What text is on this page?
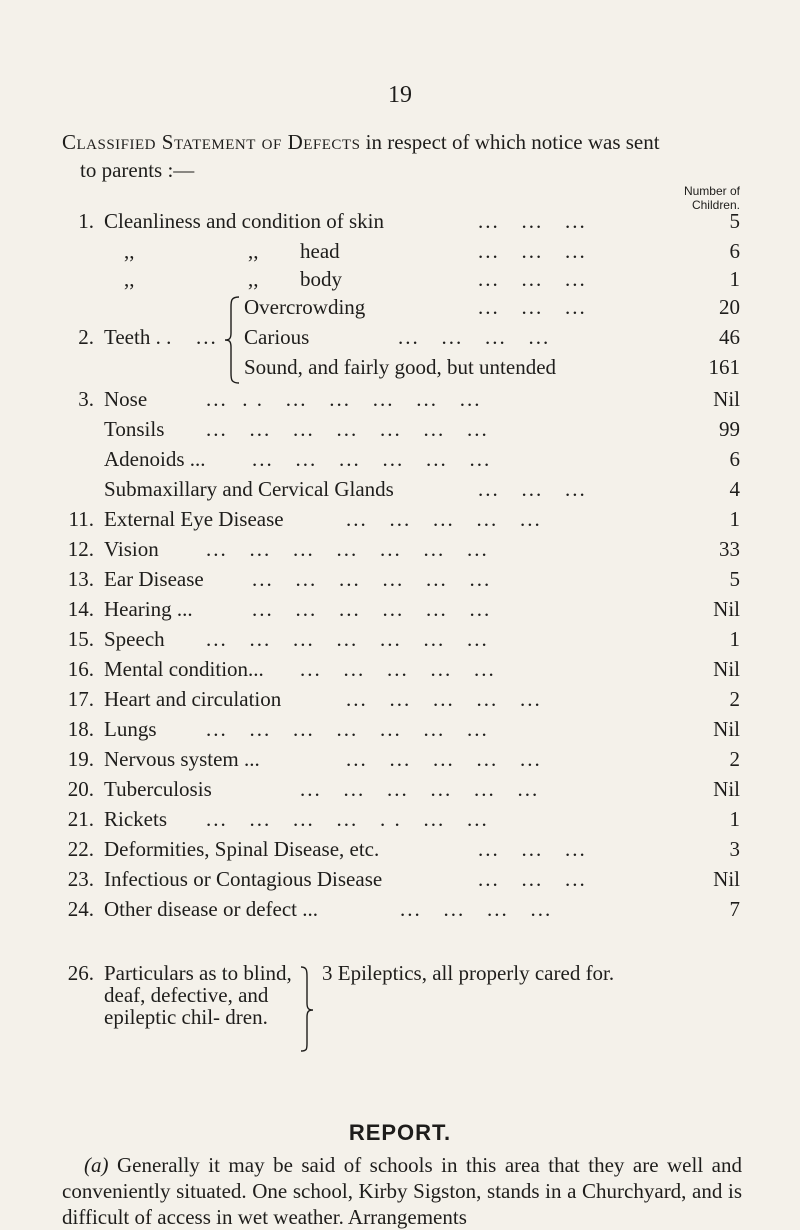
19
Classified Statement of Defects in respect of which notice was sent
to parents :—
Number of
Children.
1. Cleanliness and condition of skin	...   ...   ...	5
,,	,, head	...   ...   ...	6
,,	,, body	...   ...   ...	1
Overcrowding	...   ...   ...	20
2. Teeth . . ... Carious	...   ...   ...   ...	46
Sound, and fairly good, but untended	161
3. Nose	...  . .   ...   ...   ...   ...   ...	Nil
Tonsils ...   ...   ...   ...   ...   ...   ...	99
Adenoids ... ...   ...   ...   ...   ...   ...	6
Submaxillary and Cervical Glands	...   ...   ...	4
11. External Eye Disease	...   ...   ...   ...   ...	1
12. Vision ...   ...   ...   ...   ...   ...   ...	33
13. Ear Disease ...   ...   ...   ...   ...   ...	5
14. Hearing ...	...   ...   ...   ...   ...   ...	Nil
15. Speech ...   ...   ...   ...   ...   ...   ...	1
16. Mental condition... ...   ...   ...   ...   ...	Nil
17. Heart and circulation	...   ...   ...   ...   ...	2
18. Lungs ...   ...   ...   ...   ...   ...   ...	Nil
19. Nervous system ...	...   ...   ...   ...   ...	2
20. Tuberculosis	...   ...   ...   ...   ...   ...	Nil
21. Rickets ...   ...   ...   ...   . .   ...   ...	1
22. Deformities, Spinal Disease, etc.	...   ...   ...	3
23. Infectious or Contagious Disease	...   ...   ...	Nil
24. Other disease or defect ...	...   ...   ...   ...	7
26. Particulars as to blind, deaf, defective, and epileptic chil- dren.
3 Epileptics, all properly cared for.
REPORT.
(a) Generally it may be said of schools in this area that they are well and conveniently situated. One school, Kirby Sigston, stands in a Churchyard, and is difficult of access in wet weather. Arrangements
